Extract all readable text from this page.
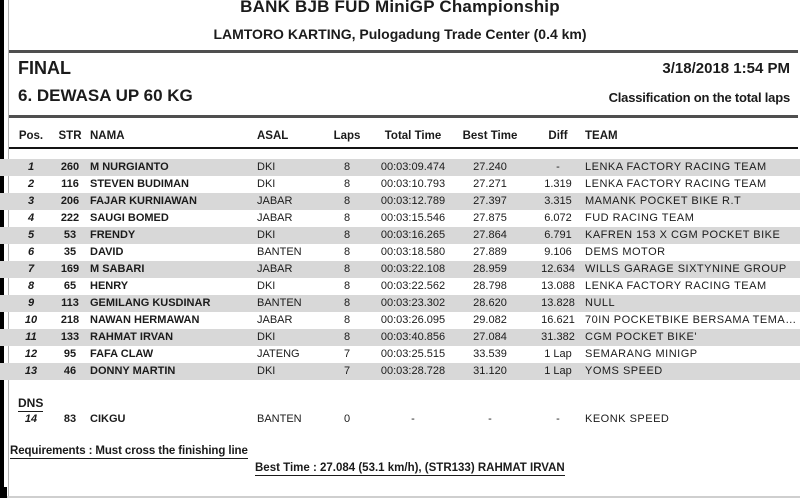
BANK BJB FUD MiniGP Championship
LAMTORO KARTING, Pulogadung Trade Center (0.4 km)
FINAL	3/18/2018 1:54 PM
6. DEWASA UP 60 KG	Classification on the total laps
Pos.	STR NAMA	ASAL	Laps	Total Time	Best Time	Diff	TEAM
1	260 M NURGIANTO	DKI	8	00:03:09.474	27.240	-	LENKA FACTORY RACING TEAM
2	116	STEVEN BUDIMAN	DKI	8	00:03:10.793	27.271	1.319	LENKA FACTORY RACING TEAM
3	206 FAJAR KURNIAWAN	JABAR	8	00:03:12.789	27.397	3.315	MAMANK POCKET BIKE R.T
4	222 SAUGI BOMED	JABAR	8	00:03:15.546	27.875	6.072	FUD RACING TEAM
5	53	FRENDY	DKI	8	00:03:16.265	27.864	6.791	KAFREN 153 X CGM POCKET BIKE
6	35	DAVID	BANTEN	8	00:03:18.580	27.889	9.106	DEMS MOTOR
7	169 M SABARI	JABAR	8	00:03:22.108	28.959	12.634 WILLS GARAGE SIXTYNINE GROUP
8	65	HENRY	DKI	8	00:03:22.562	28.798	13.088 LENKA FACTORY RACING TEAM
9	113	GEMILANG KUSDINAR	BANTEN	8	00:03:23.302	28.620	13.828 NULL
10	218 NAWAN HERMAWAN	JABAR	8	00:03:26.095	29.082	16.621 70IN POCKETBIKE BERSAMA TEMA…
11	133 RAHMAT IRVAN	DKI	8	00:03:40.856	27.084	31.382 CGM POCKET BIKE'
12	95	FAFA CLAW	JATENG	7	00:03:25.515	33.539	1 Lap	SEMARANG MINIGP
13	46	DONNY MARTIN	DKI	7	00:03:28.728	31.120	1 Lap	YOMS SPEED
DNS
14	83	CIKGU	BANTEN	0	-	-	-	KEONK SPEED
Requirements : Must cross the finishing line
Best Time : 27.084 (53.1 km/h), (STR133) RAHMAT IRVAN
